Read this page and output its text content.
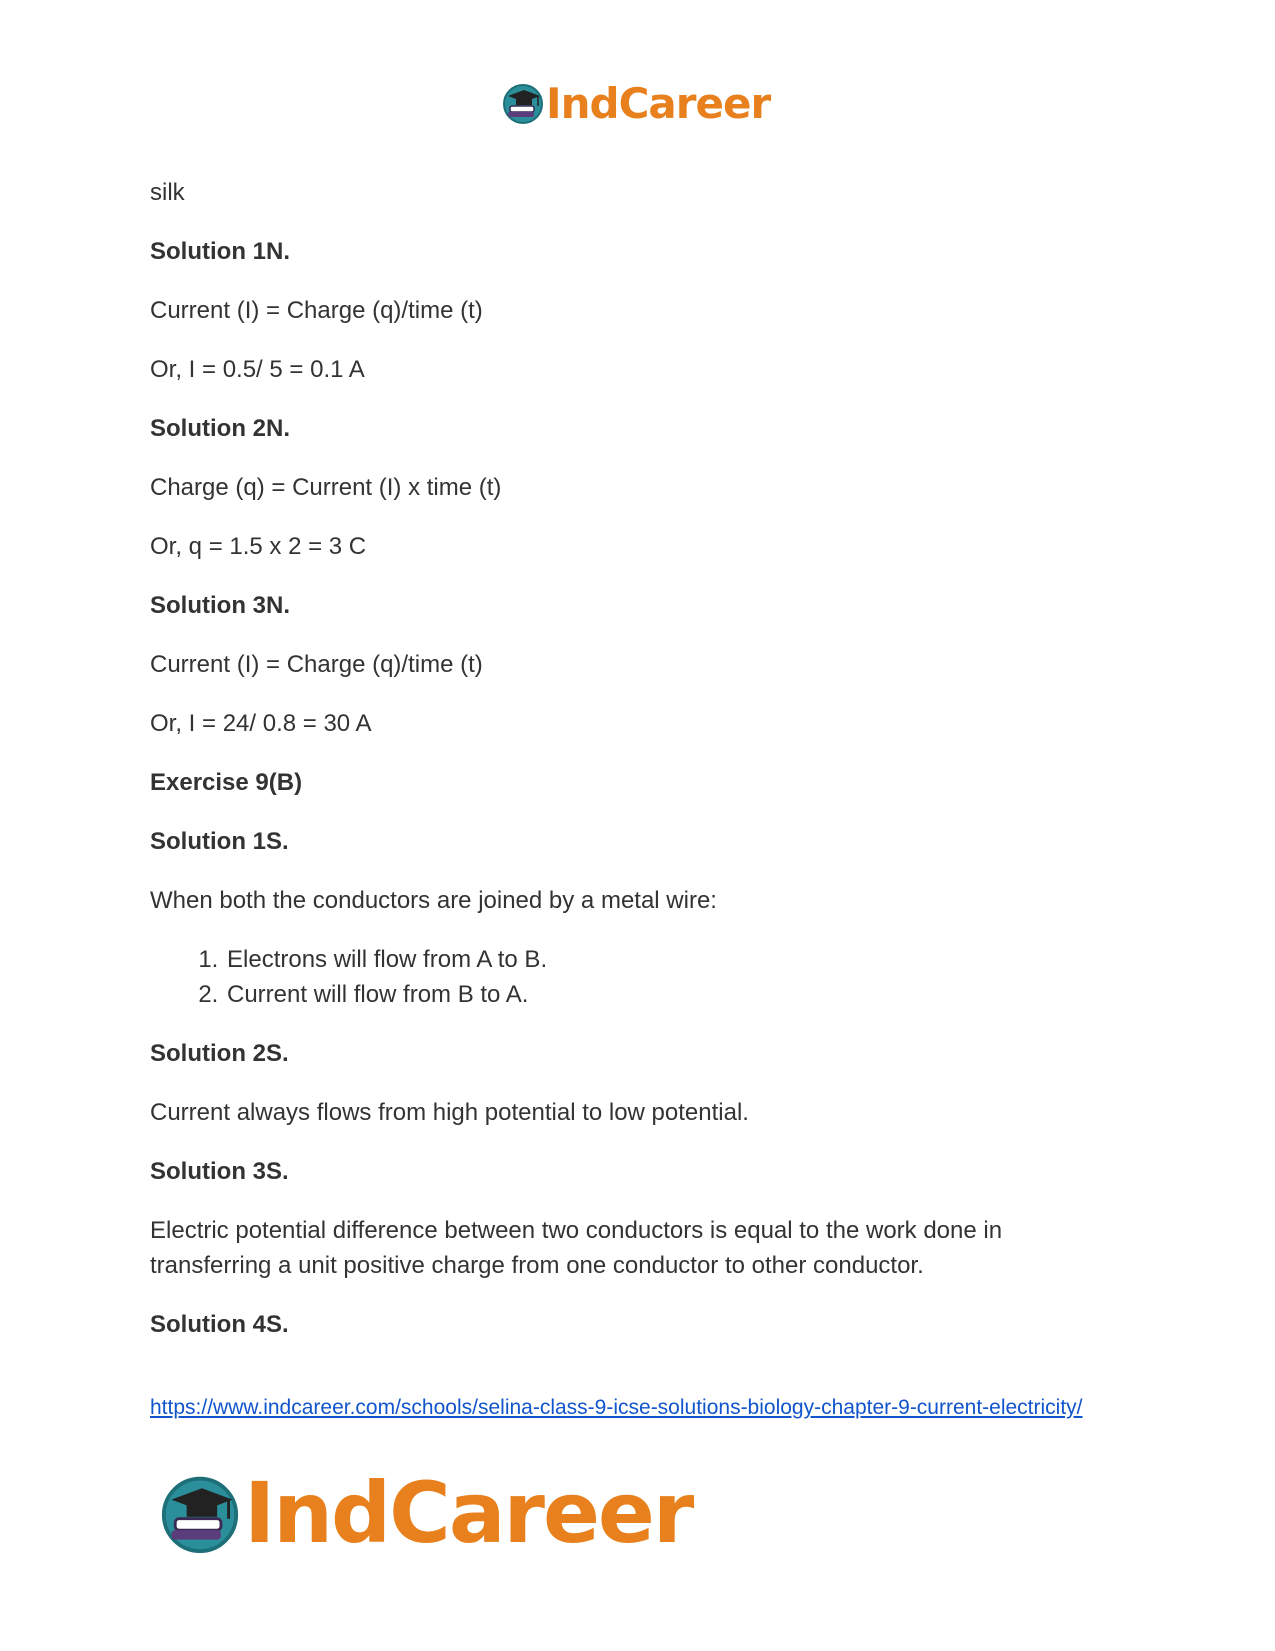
IndCareer

silk

Solution 1N.

Current (I) = Charge (q)/time (t)

Or, I = 0.5/ 5 = 0.1 A

Solution 2N.

Charge (q) = Current (I) x time (t)

Or, q = 1.5 x 2 = 3 C

Solution 3N.

Current (I) = Charge (q)/time (t)

Or, I = 24/ 0.8 = 30 A

Exercise 9(B)

Solution 1S.

When both the conductors are joined by a metal wire:

1. Electrons will flow from A to B.
2. Current will flow from B to A.

Solution 2S.

Current always flows from high potential to low potential.

Solution 3S.

Electric potential difference between two conductors is equal to the work done in transferring a unit positive charge from one conductor to other conductor.

Solution 4S.

https://www.indcareer.com/schools/selina-class-9-icse-solutions-biology-chapter-9-current-electricity/
IndCareer
